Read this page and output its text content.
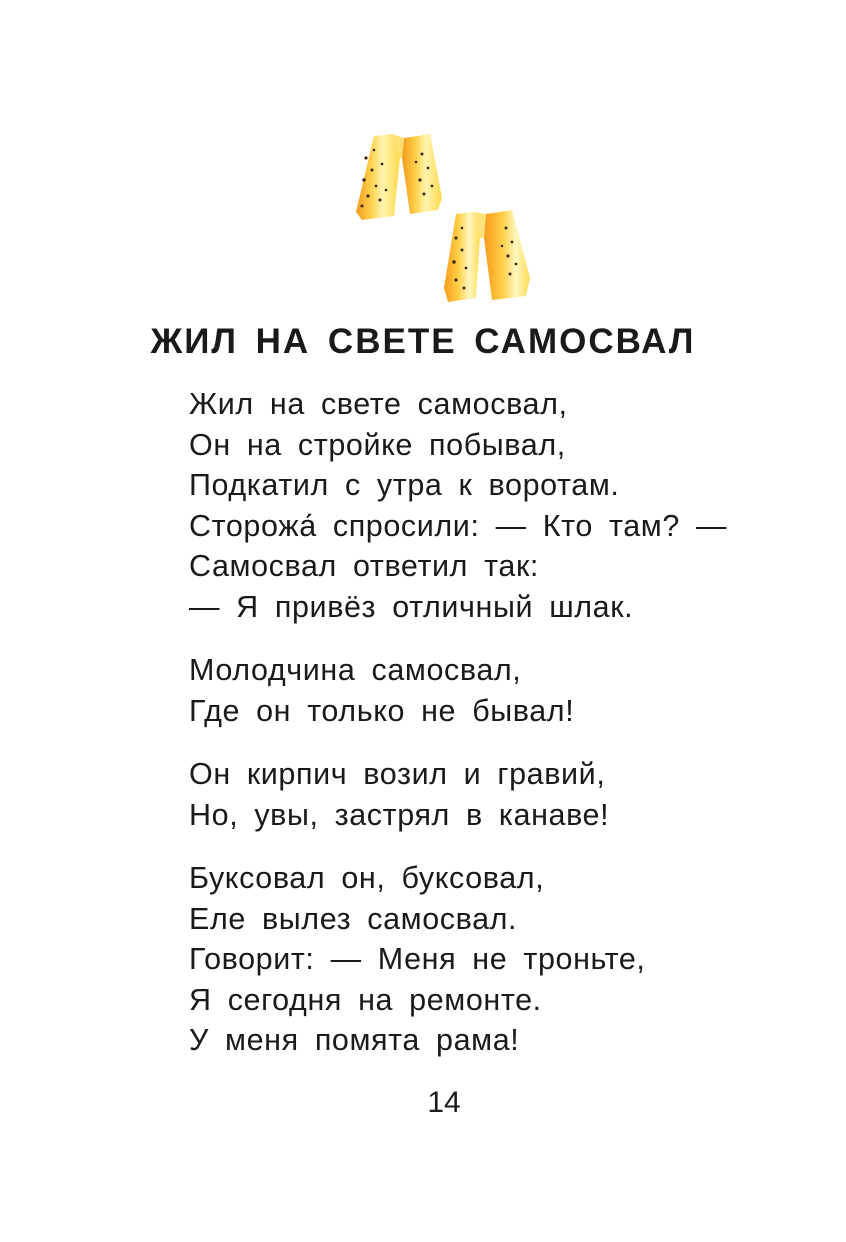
ЖИЛ НА СВЕТЕ САМОСВАЛ
Жил на свете самосвал,
Он на стройке побывал,
Подкатил с утра к воротам.
Сторожа́ спросили: — Кто там? —
Самосвал ответил так:
— Я привёз отличный шлак.
Молодчина самосвал,
Где он только не бывал!
Он кирпич возил и гравий,
Но, увы, застрял в канаве!
Буксовал он, буксовал,
Еле вылез самосвал.
Говорит: — Меня не троньте,
Я сегодня на ремонте.
У меня помята рама!
14
